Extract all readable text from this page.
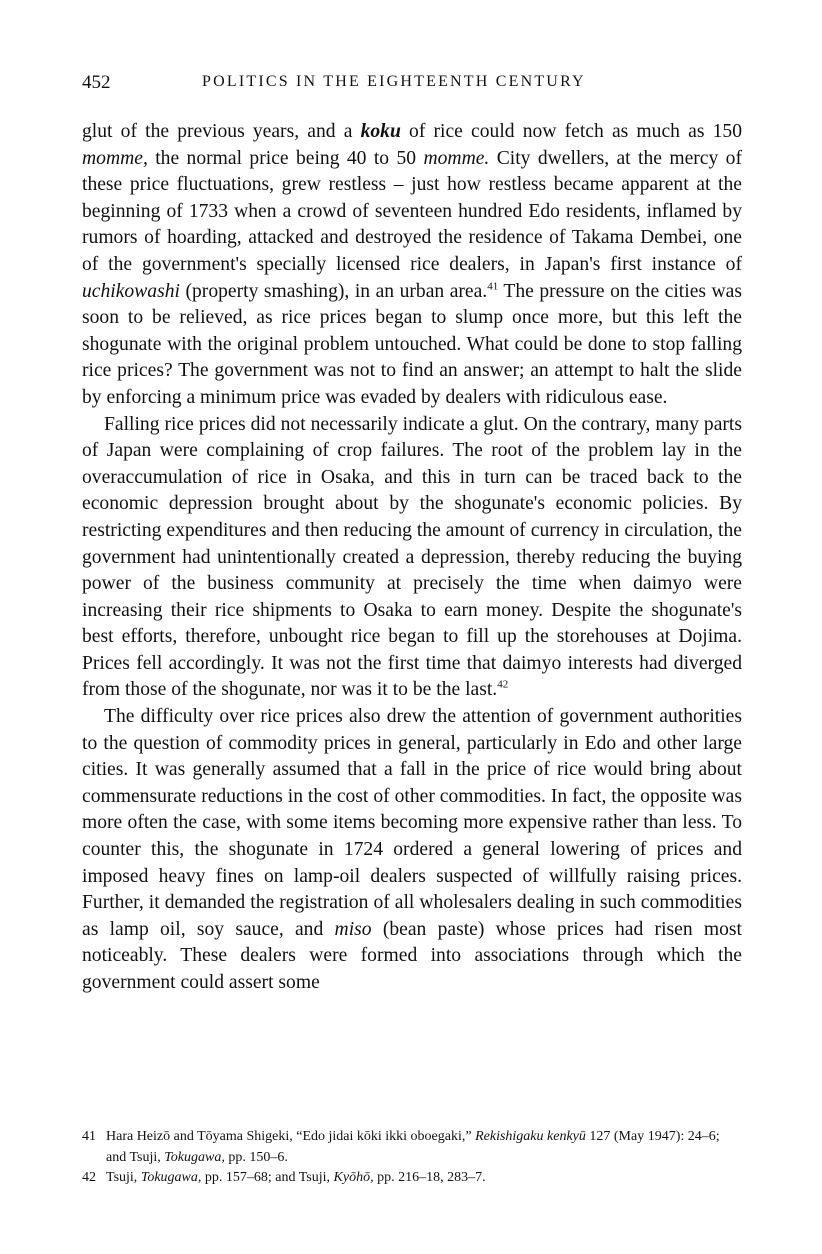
452	POLITICS IN THE EIGHTEENTH CENTURY

glut of the previous years, and a koku of rice could now fetch as much as 150 momme, the normal price being 40 to 50 momme. City dwellers, at the mercy of these price fluctuations, grew restless – just how restless became apparent at the beginning of 1733 when a crowd of seventeen hundred Edo residents, inflamed by rumors of hoarding, attacked and destroyed the residence of Takama Dembei, one of the government's specially licensed rice dealers, in Japan's first instance of uchikowashi (property smashing), in an urban area.$^{41}$ The pressure on the cities was soon to be relieved, as rice prices began to slump once more, but this left the shogunate with the original problem untouched. What could be done to stop falling rice prices? The government was not to find an answer; an attempt to halt the slide by enforcing a minimum price was evaded by dealers with ridiculous ease.

Falling rice prices did not necessarily indicate a glut. On the contrary, many parts of Japan were complaining of crop failures. The root of the problem lay in the overaccumulation of rice in Osaka, and this in turn can be traced back to the economic depression brought about by the shogunate's economic policies. By restricting expenditures and then reducing the amount of currency in circulation, the government had unintentionally created a depression, thereby reducing the buying power of the business community at precisely the time when daimyo were increasing their rice shipments to Osaka to earn money. Despite the shogunate's best efforts, therefore, unbought rice began to fill up the storehouses at Dojima. Prices fell accordingly. It was not the first time that daimyo interests had diverged from those of the shogunate, nor was it to be the last.$^{42}$

The difficulty over rice prices also drew the attention of government authorities to the question of commodity prices in general, particularly in Edo and other large cities. It was generally assumed that a fall in the price of rice would bring about commensurate reductions in the cost of other commodities. In fact, the opposite was more often the case, with some items becoming more expensive rather than less. To counter this, the shogunate in 1724 ordered a general lowering of prices and imposed heavy fines on lamp-oil dealers suspected of willfully raising prices. Further, it demanded the registration of all wholesalers dealing in such commodities as lamp oil, soy sauce, and miso (bean paste) whose prices had risen most noticeably. These dealers were formed into associations through which the government could assert some

41 Hara Heizō and Tōyama Shigeki, “Edo jidai kōki ikki oboegaki,” Rekishigaku kenkyū 127 (May 1947): 24–6; and Tsuji, Tokugawa, pp. 150–6.
42 Tsuji, Tokugawa, pp. 157–68; and Tsuji, Kyōhō, pp. 216–18, 283–7.
